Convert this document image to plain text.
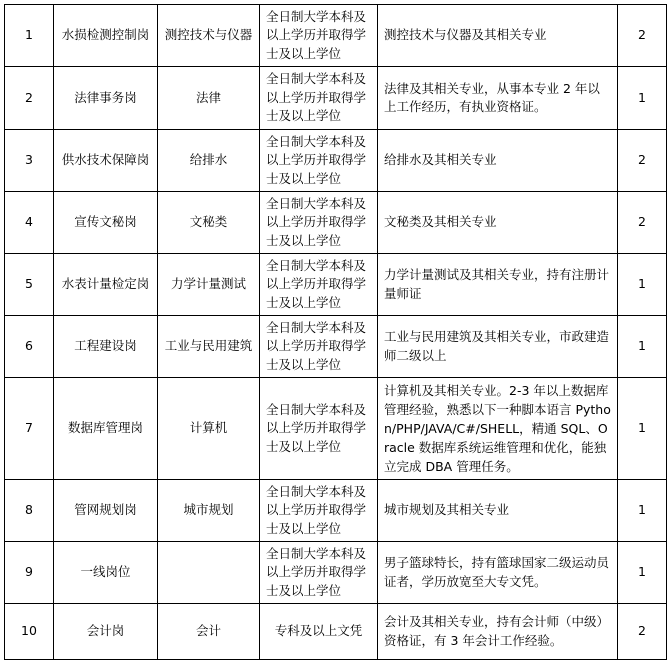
1	水损检测控制岗	测控技术与仪器	全日制大学本科及以上学历并取得学士及以上学位	测控技术与仪器及其相关专业	2
2	法律事务岗	法律	全日制大学本科及以上学历并取得学士及以上学位	法律及其相关专业，从事本专业 2 年以上工作经历，有执业资格证。	1
3	供水技术保障岗	给排水	全日制大学本科及以上学历并取得学士及以上学位	给排水及其相关专业	2
4	宣传文秘岗	文秘类	全日制大学本科及以上学历并取得学士及以上学位	文秘类及其相关专业	2
5	水表计量检定岗	力学计量测试	全日制大学本科及以上学历并取得学士及以上学位	力学计量测试及其相关专业，持有注册计量师证	1
6	工程建设岗	工业与民用建筑	全日制大学本科及以上学历并取得学士及以上学位	工业与民用建筑及其相关专业，市政建造师二级以上	1
7	数据库管理岗	计算机	全日制大学本科及以上学历并取得学士及以上学位	计算机及其相关专业。2-3 年以上数据库管理经验，熟悉以下一种脚本语言 Python/PHP/JAVA/C#/SHELL，精通 SQL、Oracle 数据库系统运维管理和优化，能独立完成 DBA 管理任务。	1
8	管网规划岗	城市规划	全日制大学本科及以上学历并取得学士及以上学位	城市规划及其相关专业	1
9	一线岗位		全日制大学本科及以上学历并取得学士及以上学位	男子篮球特长，持有篮球国家二级运动员证者，学历放宽至大专文凭。	1
10	会计岗	会计	专科及以上文凭	会计及其相关专业，持有会计师（中级）资格证，有 3 年会计工作经验。	2
